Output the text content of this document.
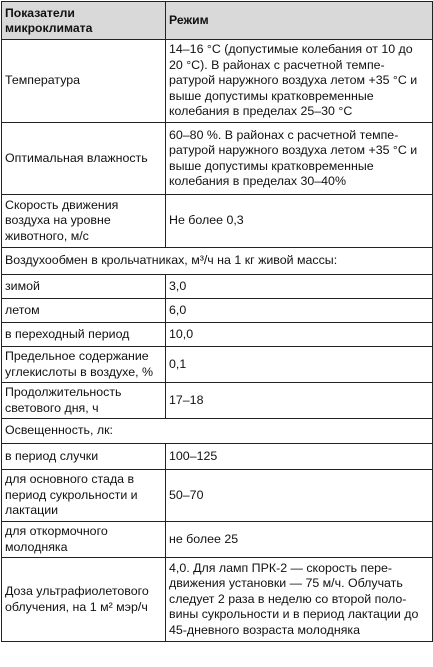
Показатели микроклимата	Режим
Температура	14–16 °С (допустимые колебания от 10 до 20 °С). В районах с расчетной темпе-ратурой наружного воздуха летом +35 °С и выше допустимы кратковременные колебания в пределах 25–30 °С
Оптимальная влажность	60–80 %. В районах с расчетной темпе-ратурой наружного воздуха летом +35 °С и выше допустимы кратковременные колебания в пределах 30–40%
Скорость движения воздуха на уровне животного, м/с	Не более 0,3
Воздухообмен в крольчатниках, м³/ч на 1 кг живой массы:	
зимой	3,0
летом	6,0
в переходный период	10,0
Предельное содержание углекислоты в воздухе, %	0,1
Продолжительность светового дня, ч	17–18
Освещенность, лк:	
в период случки	100–125
для основного стада в период сукрольности и лактации	50–70
для откормочного молодняка	не более 25
Доза ультрафиолетового облучения, на 1 м² мэр/ч	4,0. Для ламп ПРК-2 — скорость пере-движения установки — 75 м/ч. Облучать следует 2 раза в неделю со второй поло-вины сукрольности и в период лактации до 45-дневного возраста молодняка
